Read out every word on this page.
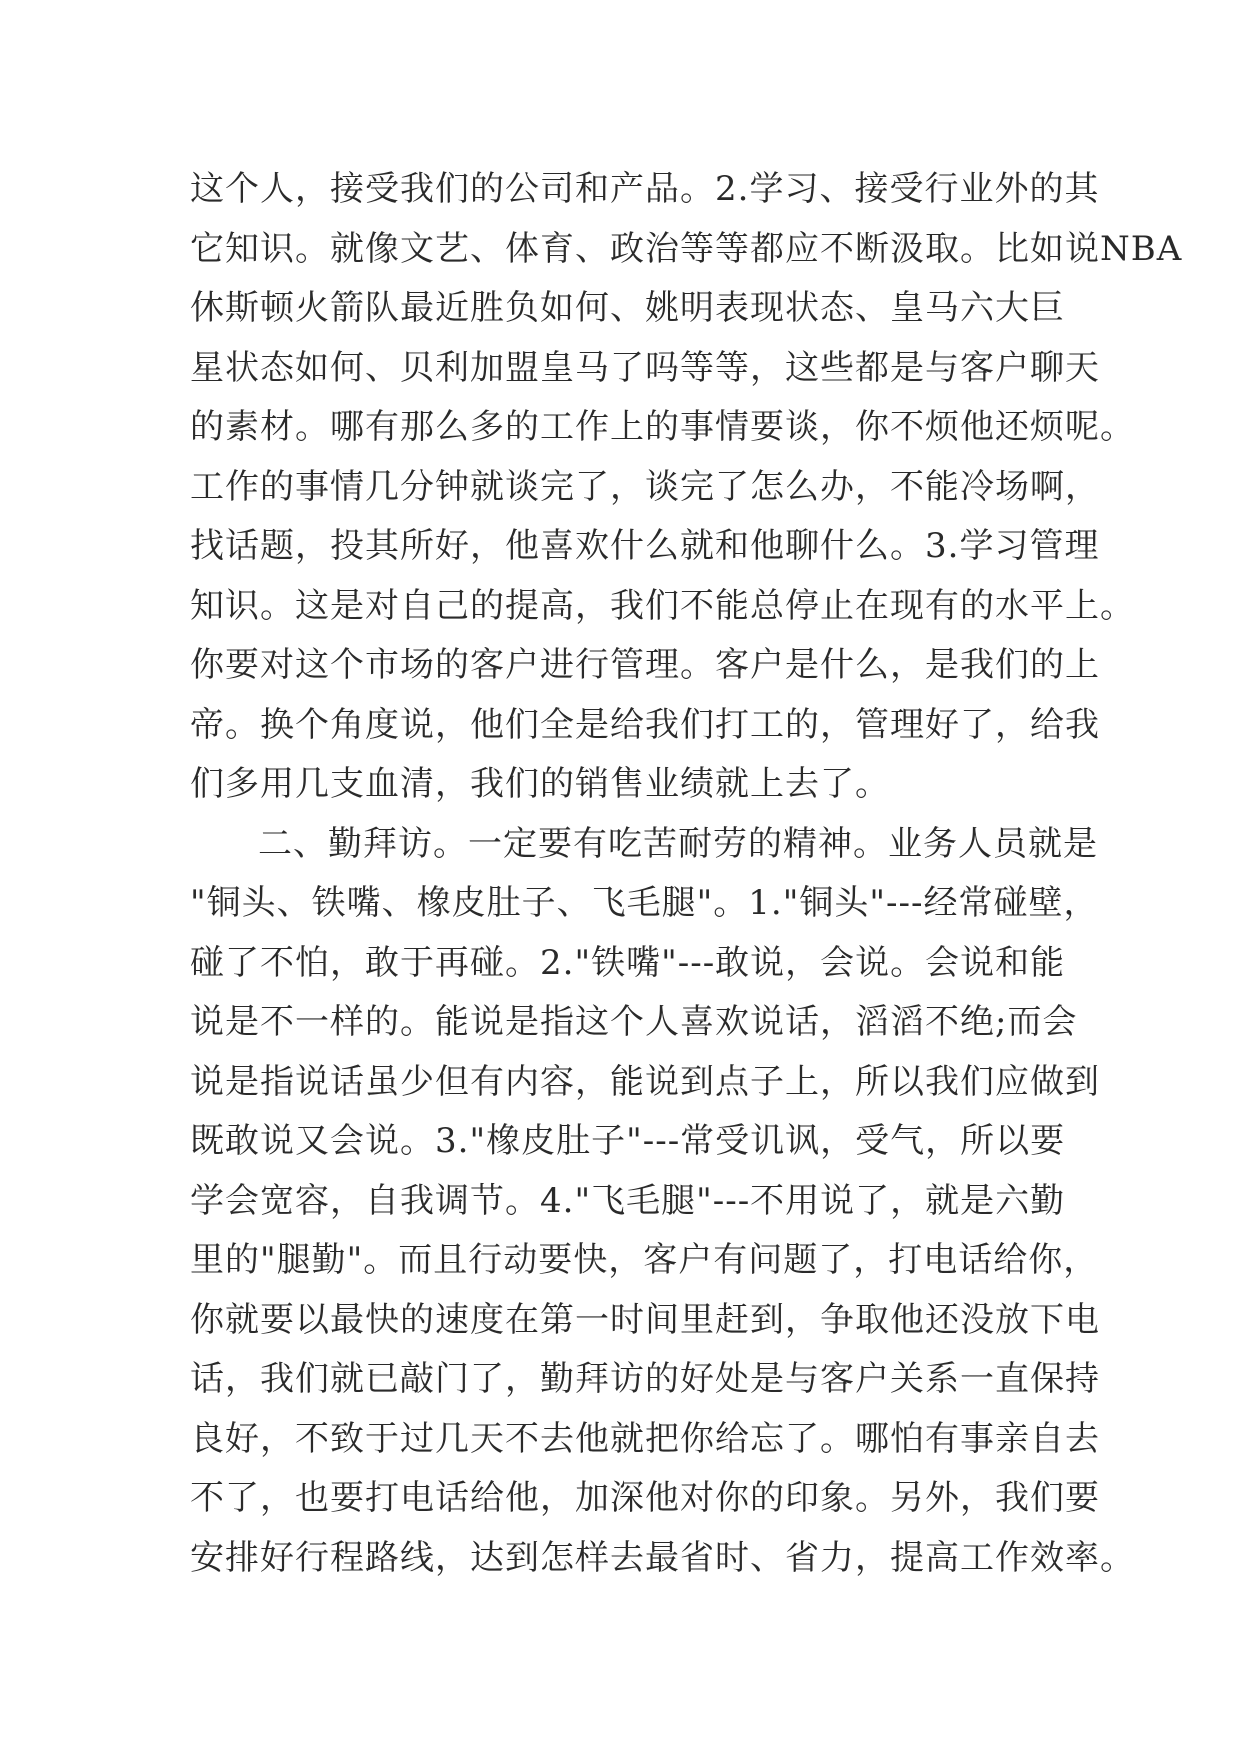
这个人，接受我们的公司和产品。2.学习、接受行业外的其
它知识。就像文艺、体育、政治等等都应不断汲取。比如说NBA
休斯顿火箭队最近胜负如何、姚明表现状态、皇马六大巨
星状态如何、贝利加盟皇马了吗等等，这些都是与客户聊天
的素材。哪有那么多的工作上的事情要谈，你不烦他还烦呢。
工作的事情几分钟就谈完了，谈完了怎么办，不能冷场啊，
找话题，投其所好，他喜欢什么就和他聊什么。3.学习管理
知识。这是对自己的提高，我们不能总停止在现有的水平上。
你要对这个市场的客户进行管理。客户是什么，是我们的上
帝。换个角度说，他们全是给我们打工的，管理好了，给我
们多用几支血清，我们的销售业绩就上去了。
二、勤拜访。一定要有吃苦耐劳的精神。业务人员就是
"铜头、铁嘴、橡皮肚子、飞毛腿"。1."铜头"---经常碰壁，
碰了不怕，敢于再碰。2."铁嘴"---敢说，会说。会说和能
说是不一样的。能说是指这个人喜欢说话，滔滔不绝;而会
说是指说话虽少但有内容，能说到点子上，所以我们应做到
既敢说又会说。3."橡皮肚子"---常受讥讽，受气，所以要
学会宽容，自我调节。4."飞毛腿"---不用说了，就是六勤
里的"腿勤"。而且行动要快，客户有问题了，打电话给你，
你就要以最快的速度在第一时间里赶到，争取他还没放下电
话，我们就已敲门了，勤拜访的好处是与客户关系一直保持
良好，不致于过几天不去他就把你给忘了。哪怕有事亲自去
不了，也要打电话给他，加深他对你的印象。另外，我们要
安排好行程路线，达到怎样去最省时、省力，提高工作效率。
